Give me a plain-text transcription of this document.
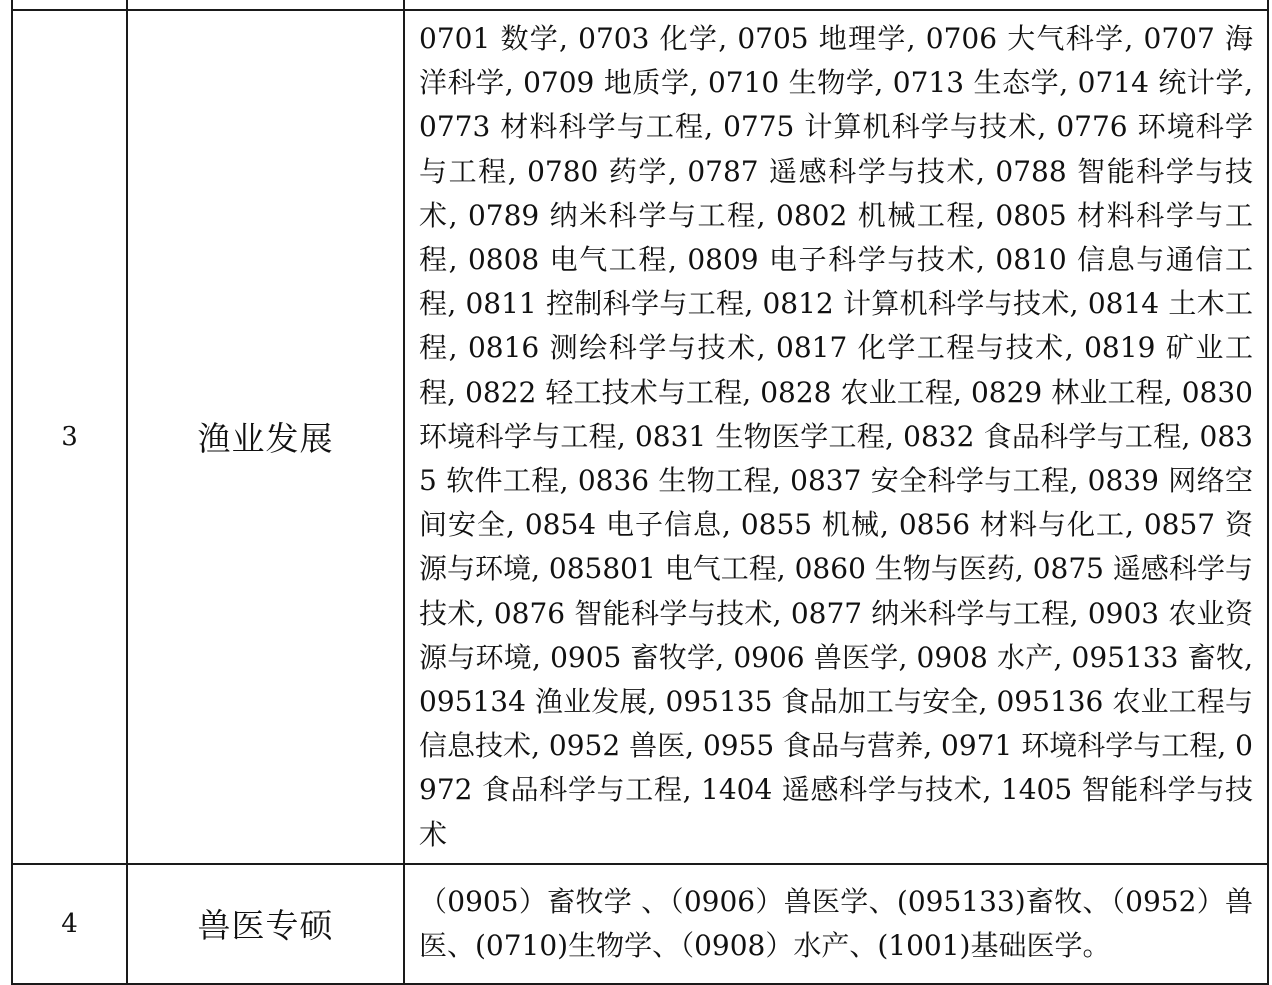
3	渔业发展	0701 数学, 0703 化学, 0705 地理学, 0706 大气科学, 0707 海洋科学, 0709 地质学, 0710 生物学, 0713 生态学, 0714 统计学, 0773 材料科学与工程, 0775 计算机科学与技术, 0776 环境科学与工程, 0780 药学, 0787 遥感科学与技术, 0788 智能科学与技术, 0789 纳米科学与工程, 0802 机械工程, 0805 材料科学与工程, 0808 电气工程, 0809 电子科学与技术, 0810 信息与通信工程, 0811 控制科学与工程, 0812 计算机科学与技术, 0814 土木工程, 0816 测绘科学与技术, 0817 化学工程与技术, 0819 矿业工程, 0822 轻工技术与工程, 0828 农业工程, 0829 林业工程, 0830 环境科学与工程, 0831 生物医学工程, 0832 食品科学与工程, 0835 软件工程, 0836 生物工程, 0837 安全科学与工程, 0839 网络空间安全, 0854 电子信息, 0855 机械, 0856 材料与化工, 0857 资源与环境, 085801 电气工程, 0860 生物与医药, 0875 遥感科学与技术, 0876 智能科学与技术, 0877 纳米科学与工程, 0903 农业资源与环境, 0905 畜牧学, 0906 兽医学, 0908 水产, 095133 畜牧, 095134 渔业发展, 095135 食品加工与安全, 095136 农业工程与信息技术, 0952 兽医, 0955 食品与营养, 0971 环境科学与工程, 0972 食品科学与工程, 1404 遥感科学与技术, 1405 智能科学与技术

4	兽医专硕	（0905）畜牧学 、（0906）兽医学、(095133)畜牧、（0952）兽医、(0710)生物学、（0908）水产、(1001)基础医学。
